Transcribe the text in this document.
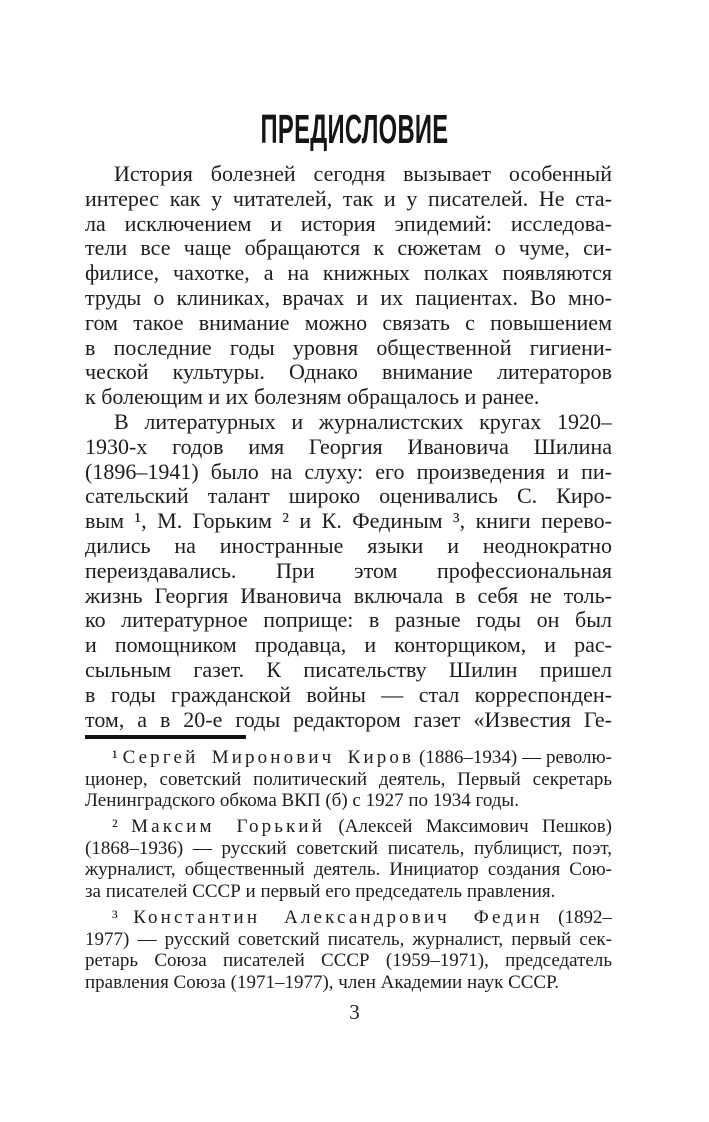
ПРЕДИСЛОВИЕ
История болезней сегодня вызывает особенный
интерес как у читателей, так и у писателей. Не ста-
ла исключением и история эпидемий: исследова-
тели все чаще обращаются к сюжетам о чуме, си-
филисе, чахотке, а на книжных полках появляются
труды о клиниках, врачах и их пациентах. Во мно-
гом такое внимание можно связать с повышением
в последние годы уровня общественной гигиени-
ческой культуры. Однако внимание литераторов
к болеющим и их болезням обращалось и ранее.
В литературных и журналистских кругах 1920–
1930-х годов имя Георгия Ивановича Шилина
(1896–1941) было на слуху: его произведения и пи-
сательский талант широко оценивались С. Киро-
вым ¹, М. Горьким ² и К. Фединым ³, книги перево-
дились на иностранные языки и неоднократно
переиздавались. При этом профессиональная
жизнь Георгия Ивановича включала в себя не толь-
ко литературное поприще: в разные годы он был
и помощником продавца, и конторщиком, и рас-
сыльным газет. К писательству Шилин пришел
в годы гражданской войны — стал корреспонден-
том, а в 20-е годы редактором газет «Известия Ге-
¹ Сергей Миронович Киров (1886–1934) — револю-
ционер, советский политический деятель, Первый секретарь
Ленинградского обкома ВКП (б) с 1927 по 1934 годы.
² Максим Горький (Алексей Максимович Пешков)
(1868–1936) — русский советский писатель, публицист, поэт,
журналист, общественный деятель. Инициатор создания Сою-
за писателей СССР и первый его председатель правления.
³ Константин Александрович Федин (1892–
1977) — русский советский писатель, журналист, первый сек-
ретарь Союза писателей СССР (1959–1971), председатель
правления Союза (1971–1977), член Академии наук СССР.
3
